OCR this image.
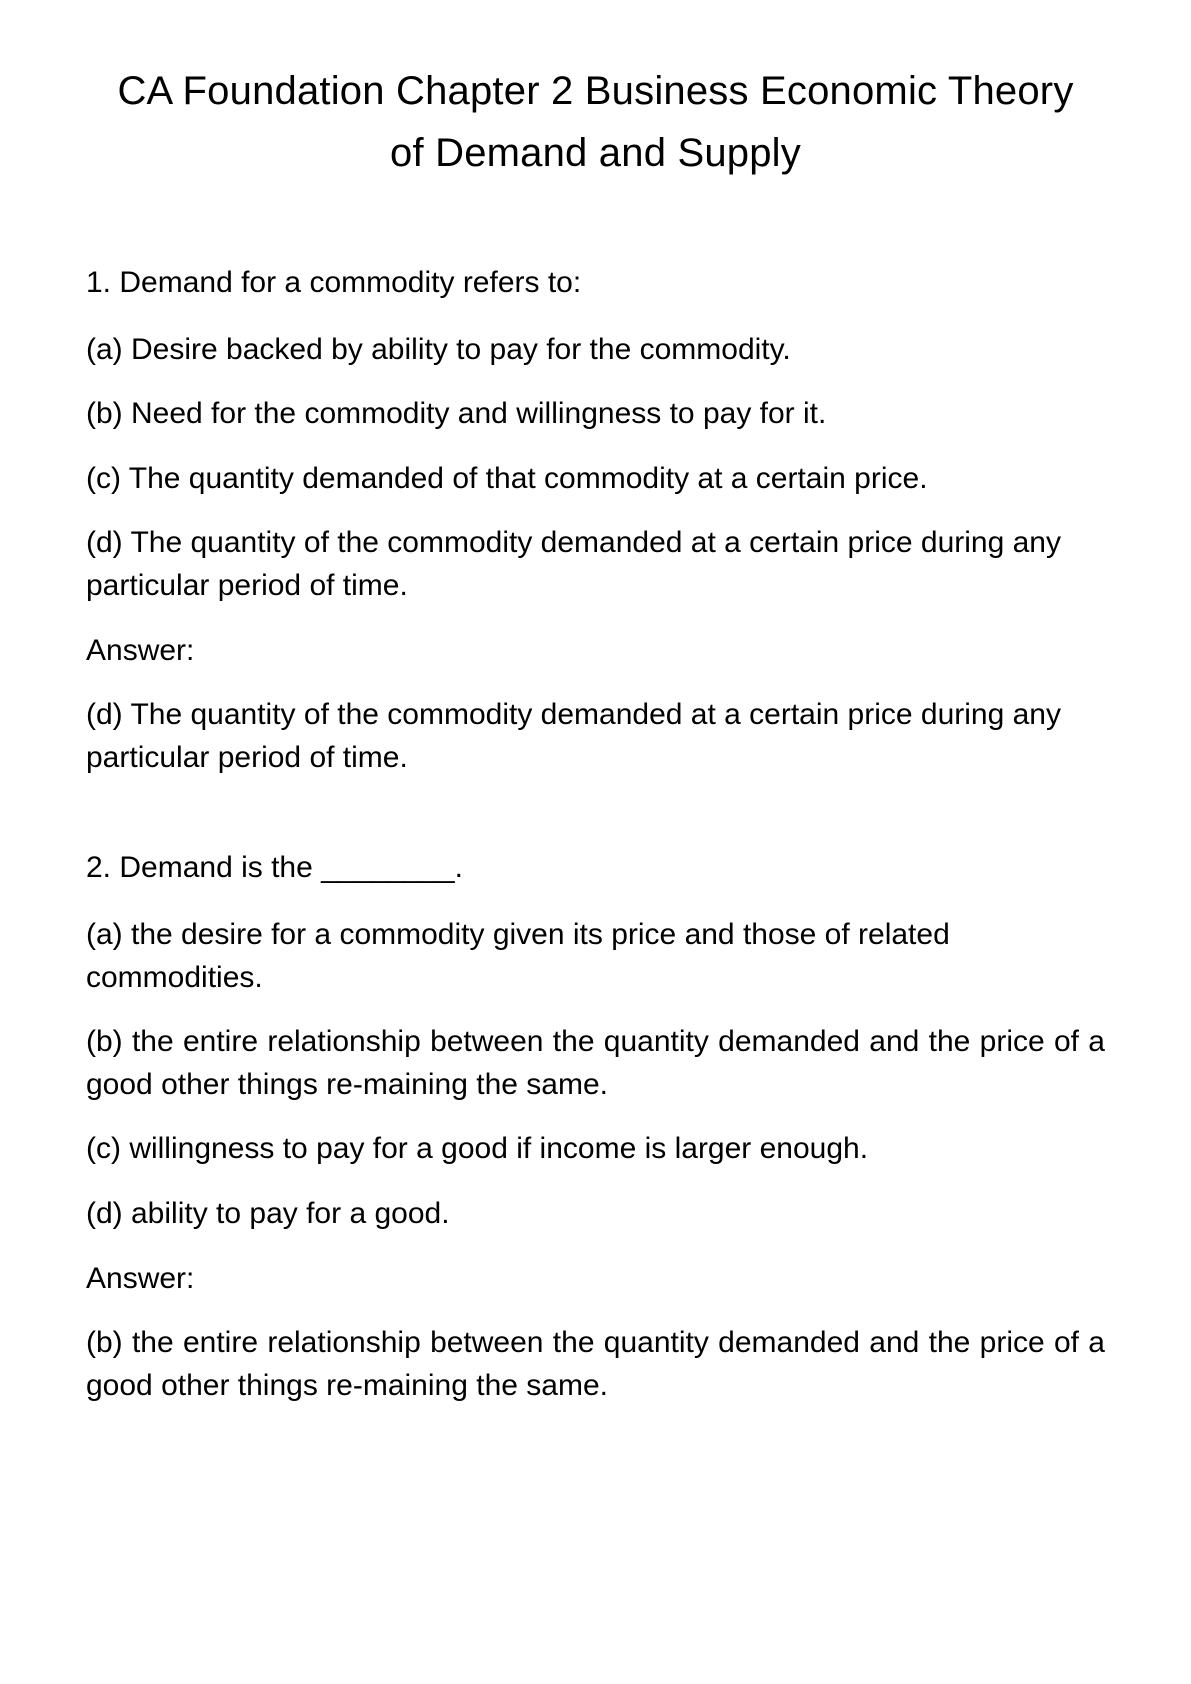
CA Foundation Chapter 2 Business Economic Theory of Demand and Supply

1. Demand for a commodity refers to:

(a) Desire backed by ability to pay for the commodity.

(b) Need for the commodity and willingness to pay for it.

(c) The quantity demanded of that commodity at a certain price.

(d) The quantity of the commodity demanded at a certain price during any particular period of time.

Answer:

(d) The quantity of the commodity demanded at a certain price during any particular period of time.

2. Demand is the ________.

(a) the desire for a commodity given its price and those of related commodities.

(b) the entire relationship between the quantity demanded and the price of a good other things re-maining the same.

(c) willingness to pay for a good if income is larger enough.

(d) ability to pay for a good.

Answer:

(b) the entire relationship between the quantity demanded and the price of a good other things re-maining the same.
